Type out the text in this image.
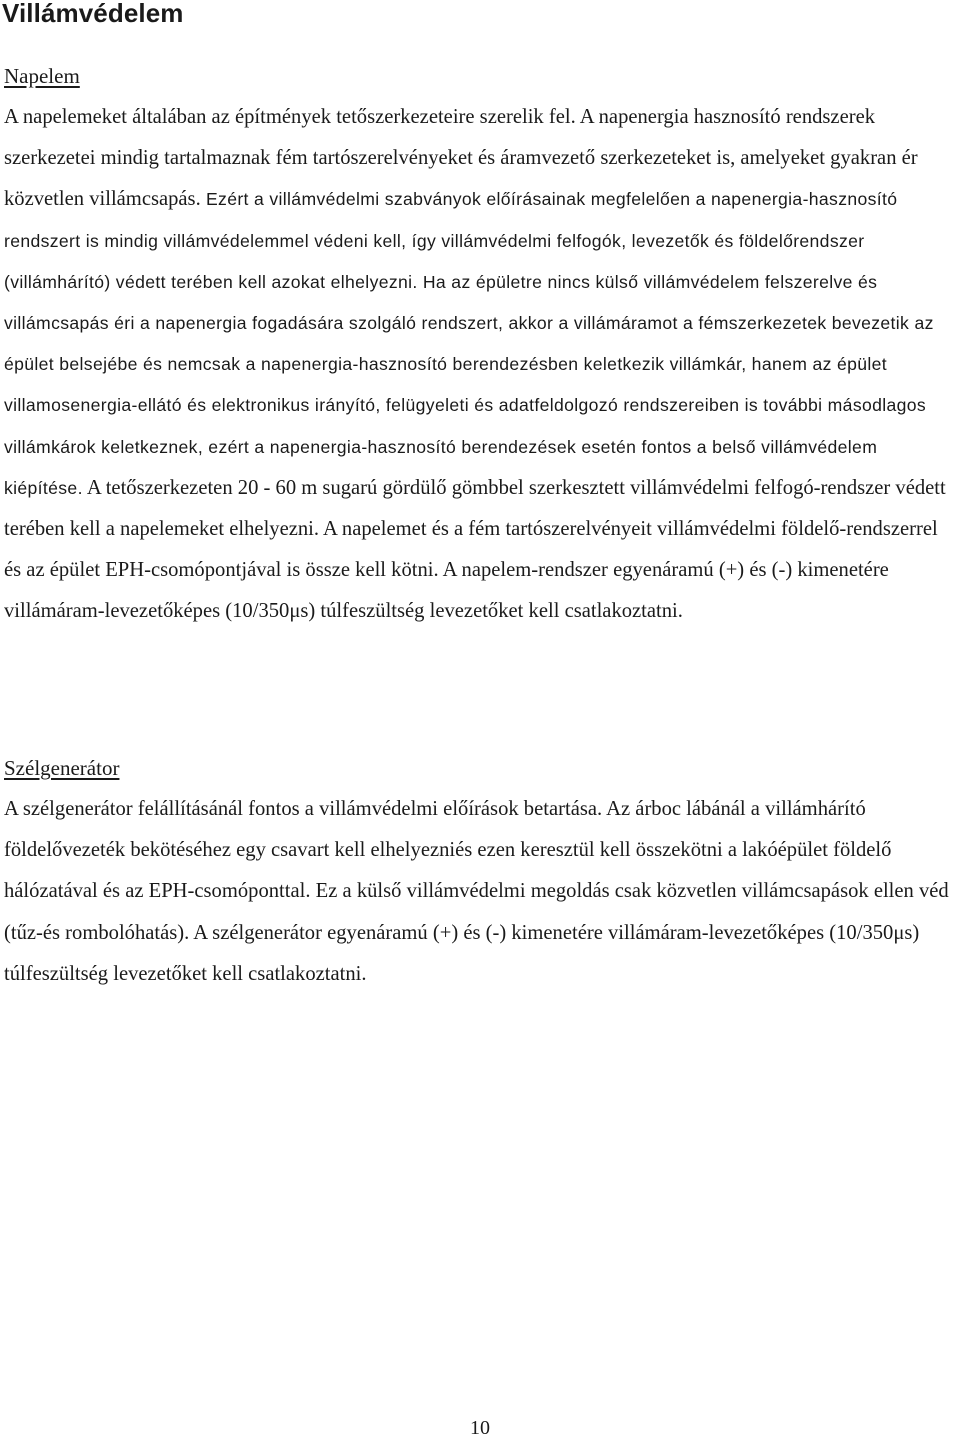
Villámvédelem
Napelem

A napelemeket általában az építmények tetőszerkezeteire szerelik fel. A napenergia hasznosító rendszerek szerkezetei mindig tartalmaznak fém tartószerelvényeket és áramvezető szerkezeteket is, amelyeket gyakran ér közvetlen villámcsapás. Ezért a villámvédelmi szabványok előírásainak megfelelően a napenergia-hasznosító rendszert is mindig villámvédelemmel védeni kell, így villámvédelmi felfogók, levezetők és földelőrendszer (villámhárító) védett terében kell azokat elhelyezni. Ha az épületre nincs külső villámvédelem felszerelve és villámcsapás éri a napenergia fogadására szolgáló rendszert, akkor a villámáramot a fémszerkezetek bevezetik az épület belsejébe és nemcsak a napenergia-hasznosító berendezésben keletkezik villámkár, hanem az épület villamosenergia-ellátó és elektronikus irányító, felügyeleti és adatfeldolgozó rendszereiben is további másodlagos villámkárok keletkeznek, ezért a napenergia-hasznosító berendezések esetén fontos a belső villámvédelem kiépítése. A tetőszerkezeten 20 - 60 m sugarú gördülő gömbbel szerkesztett villámvédelmi felfogó-rendszer védett terében kell a napelemeket elhelyezni. A napelemet és a fém tartószerelvényeit villámvédelmi földelő-rendszerrel és az épület EPH-csomópontjával is össze kell kötni. A napelem-rendszer egyenáramú (+) és (-) kimenetére villámáram-levezetőképes (10/350μs) túlfeszültség levezetőket kell csatlakoztatni.

Szélgenerátor

A szélgenerátor felállításánál fontos a villámvédelmi előírások betartása. Az árboc lábánál a villámhárító földelővezeték bekötéséhez egy csavart kell elhelyezniés ezen keresztül kell összekötni a lakóépület földelő hálózatával és az EPH-csomóponttal. Ez a külső villámvédelmi megoldás csak közvetlen villámcsapások ellen véd (tűz-és rombolóhatás). A szélgenerátor egyenáramú (+) és (-) kimenetére villámáram-levezetőképes (10/350μs) túlfeszültség levezetőket kell csatlakoztatni.

10
